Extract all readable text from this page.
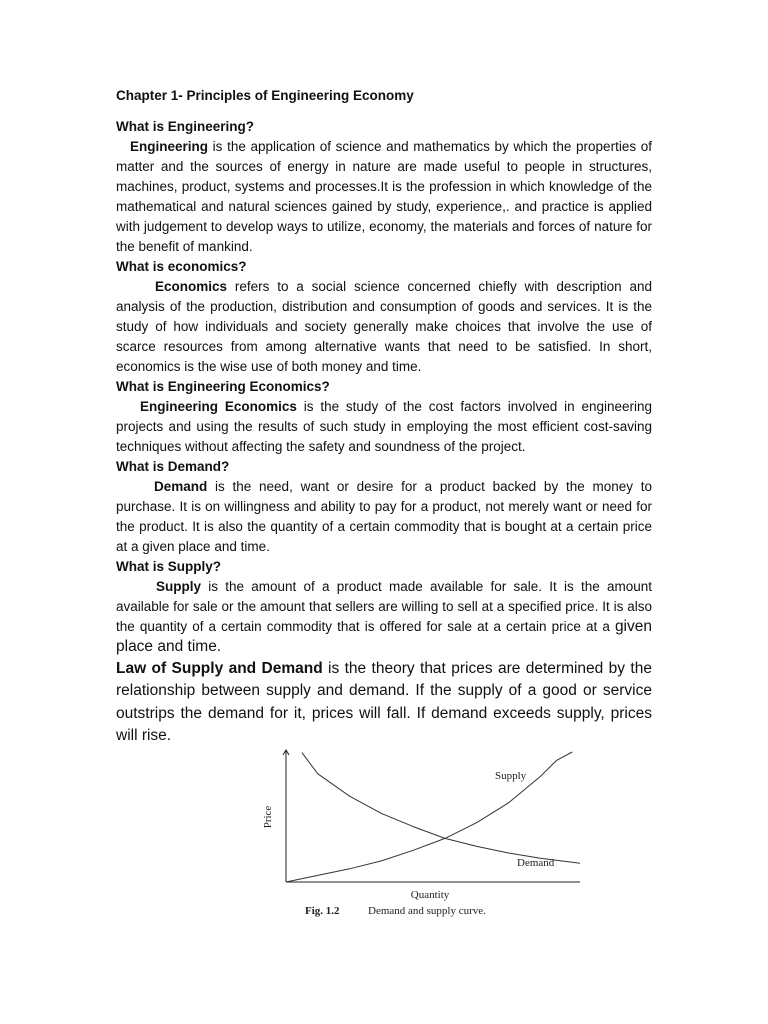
Chapter 1- Principles of Engineering Economy

What is Engineering?

Engineering is the application of science and mathematics by which the properties of matter and the sources of energy in nature are made useful to people in structures, machines, product, systems and processes.It is the profession in which knowledge of the mathematical and natural sciences gained by study, experience,. and practice is applied with judgement to develop ways to utilize, economy, the materials and forces of nature for the benefit of mankind.

What is economics?

Economics refers to a social science concerned chiefly with description and analysis of the production, distribution and consumption of goods and services. It is the study of how individuals and society generally make choices that involve the use of scarce resources from among alternative wants that need to be satisfied. In short, economics is the wise use of both money and time.

What is Engineering Economics?

Engineering Economics is the study of the cost factors involved in engineering projects and using the results of such study in employing the most efficient cost-saving techniques without affecting the safety and soundness of the project.

What is Demand?

Demand is the need, want or desire for a product backed by the money to purchase. It is on willingness and ability to pay for a product, not merely want or need for the product. It is also the quantity of a certain commodity that is bought at a certain price at a given place and time.

What is Supply?

Supply is the amount of a product made available for sale. It is the amount available for sale or the amount that sellers are willing to sell at a specified price. It is also the quantity of a certain commodity that is offered for sale at a certain price at a given place and time.

Law of Supply and Demand is the theory that prices are determined by the relationship between supply and demand. If the supply of a good or service outstrips the demand for it, prices will fall. If demand exceeds supply, prices will rise.

Supply
Demand
Price
Quantity
Fig. 1.2	Demand and supply curve.
